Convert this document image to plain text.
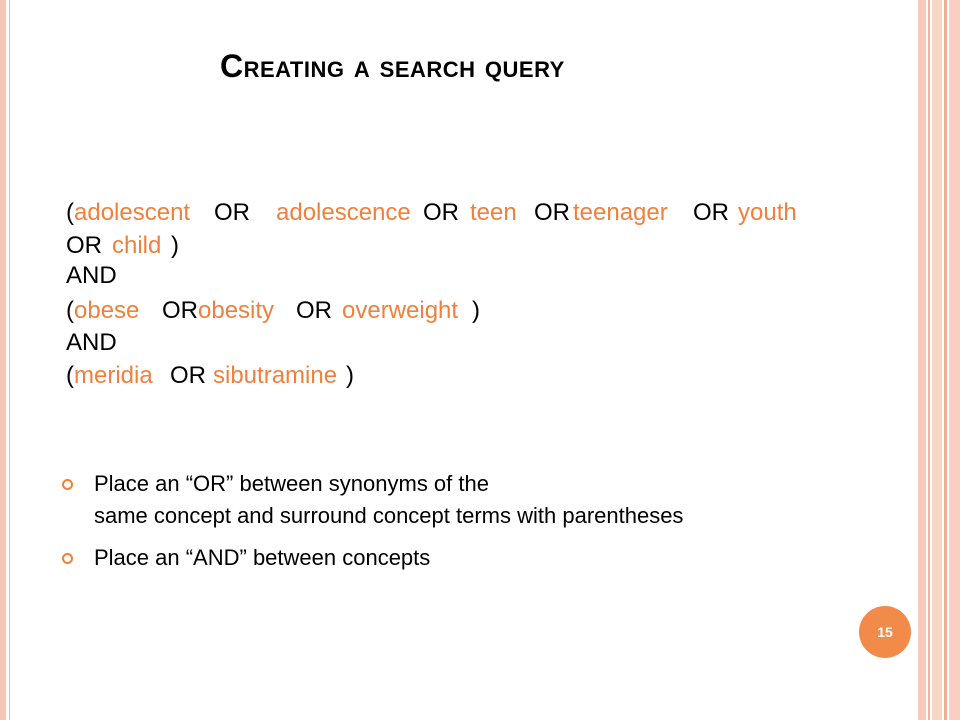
Creating a search query
( adolescent OR adolescence OR teen OR teenager OR youth
OR child )
AND
( obese OR obesity OR overweight )
AND
( meridia OR sibutramine )
Place an “OR” between synonyms of the
same concept and surround concept terms with parentheses
Place an “AND” between concepts
15
